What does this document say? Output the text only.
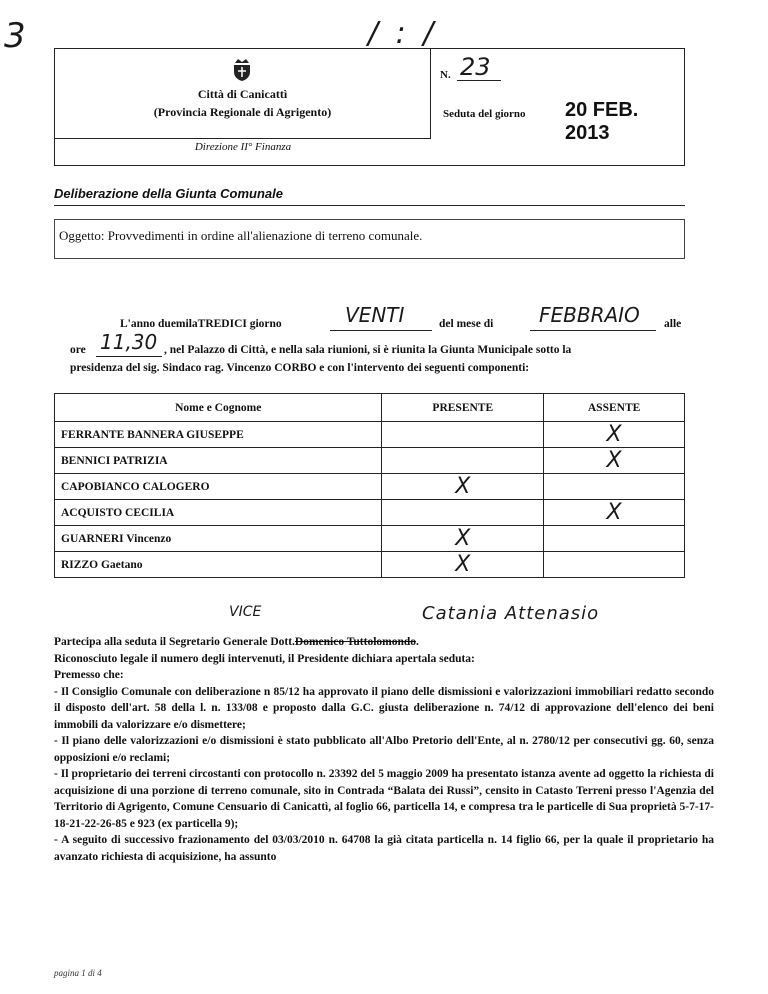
3	/ : /
Città di Canicattì
(Provincia Regionale di Agrigento)
Direzione II° Finanza
N. 23
Seduta del giorno 20 FEB. 2013
Deliberazione della Giunta Comunale
Oggetto: Provvedimenti in ordine all'alienazione di terreno comunale.
L'anno duemilaTREDICI giorno	VENTI	del mese di FEBBRAIO alle
ore 11,30 , nel Palazzo di Città, e nella sala riunioni, si è riunita la Giunta Municipale sotto la
presidenza del sig. Sindaco rag. Vincenzo CORBO e con l'intervento dei seguenti componenti:
Nome e Cognome	PRESENTE	ASSENTE
FERRANTE BANNERA GIUSEPPE		X
BENNICI PATRIZIA		X
CAPOBIANCO CALOGERO	X	
ACQUISTO CECILIA		X
GUARNERI Vincenzo	X	
RIZZO Gaetano	X	
VICE	Catania Attenasio

Partecipa alla seduta il Segretario Generale Dott.Domenico Tuttolomondo.

Riconosciuto legale il numero degli intervenuti, il Presidente dichiara apertala seduta:

Premesso che:

- Il Consiglio Comunale con deliberazione n 85/12 ha approvato il piano delle dismissioni e valorizzazioni immobiliari redatto secondo il disposto dell'art. 58 della l. n. 133/08 e proposto dalla G.C. giusta deliberazione n. 74/12 di approvazione dell'elenco dei beni immobili da valorizzare e/o dismettere;

- Il piano delle valorizzazioni e/o dismissioni è stato pubblicato all'Albo Pretorio dell'Ente, al n. 2780/12 per consecutivi gg. 60, senza opposizioni e/o reclami;

- Il proprietario dei terreni circostanti con protocollo n. 23392 del 5 maggio 2009 ha presentato istanza avente ad oggetto la richiesta di acquisizione di una porzione di terreno comunale, sito in Contrada “Balata dei Russi”, censito in Catasto Terreni presso l'Agenzia del Territorio di Agrigento, Comune Censuario di Canicattì, al foglio 66, particella 14, e compresa tra le particelle di Sua proprietà 5-7-17-18-21-22-26-85 e 923 (ex particella 9);

- A seguito di successivo frazionamento del 03/03/2010 n. 64708 la già citata particella n. 14 figlio 66, per la quale il proprietario ha avanzato richiesta di acquisizione, ha assunto

pagina 1 di 4
